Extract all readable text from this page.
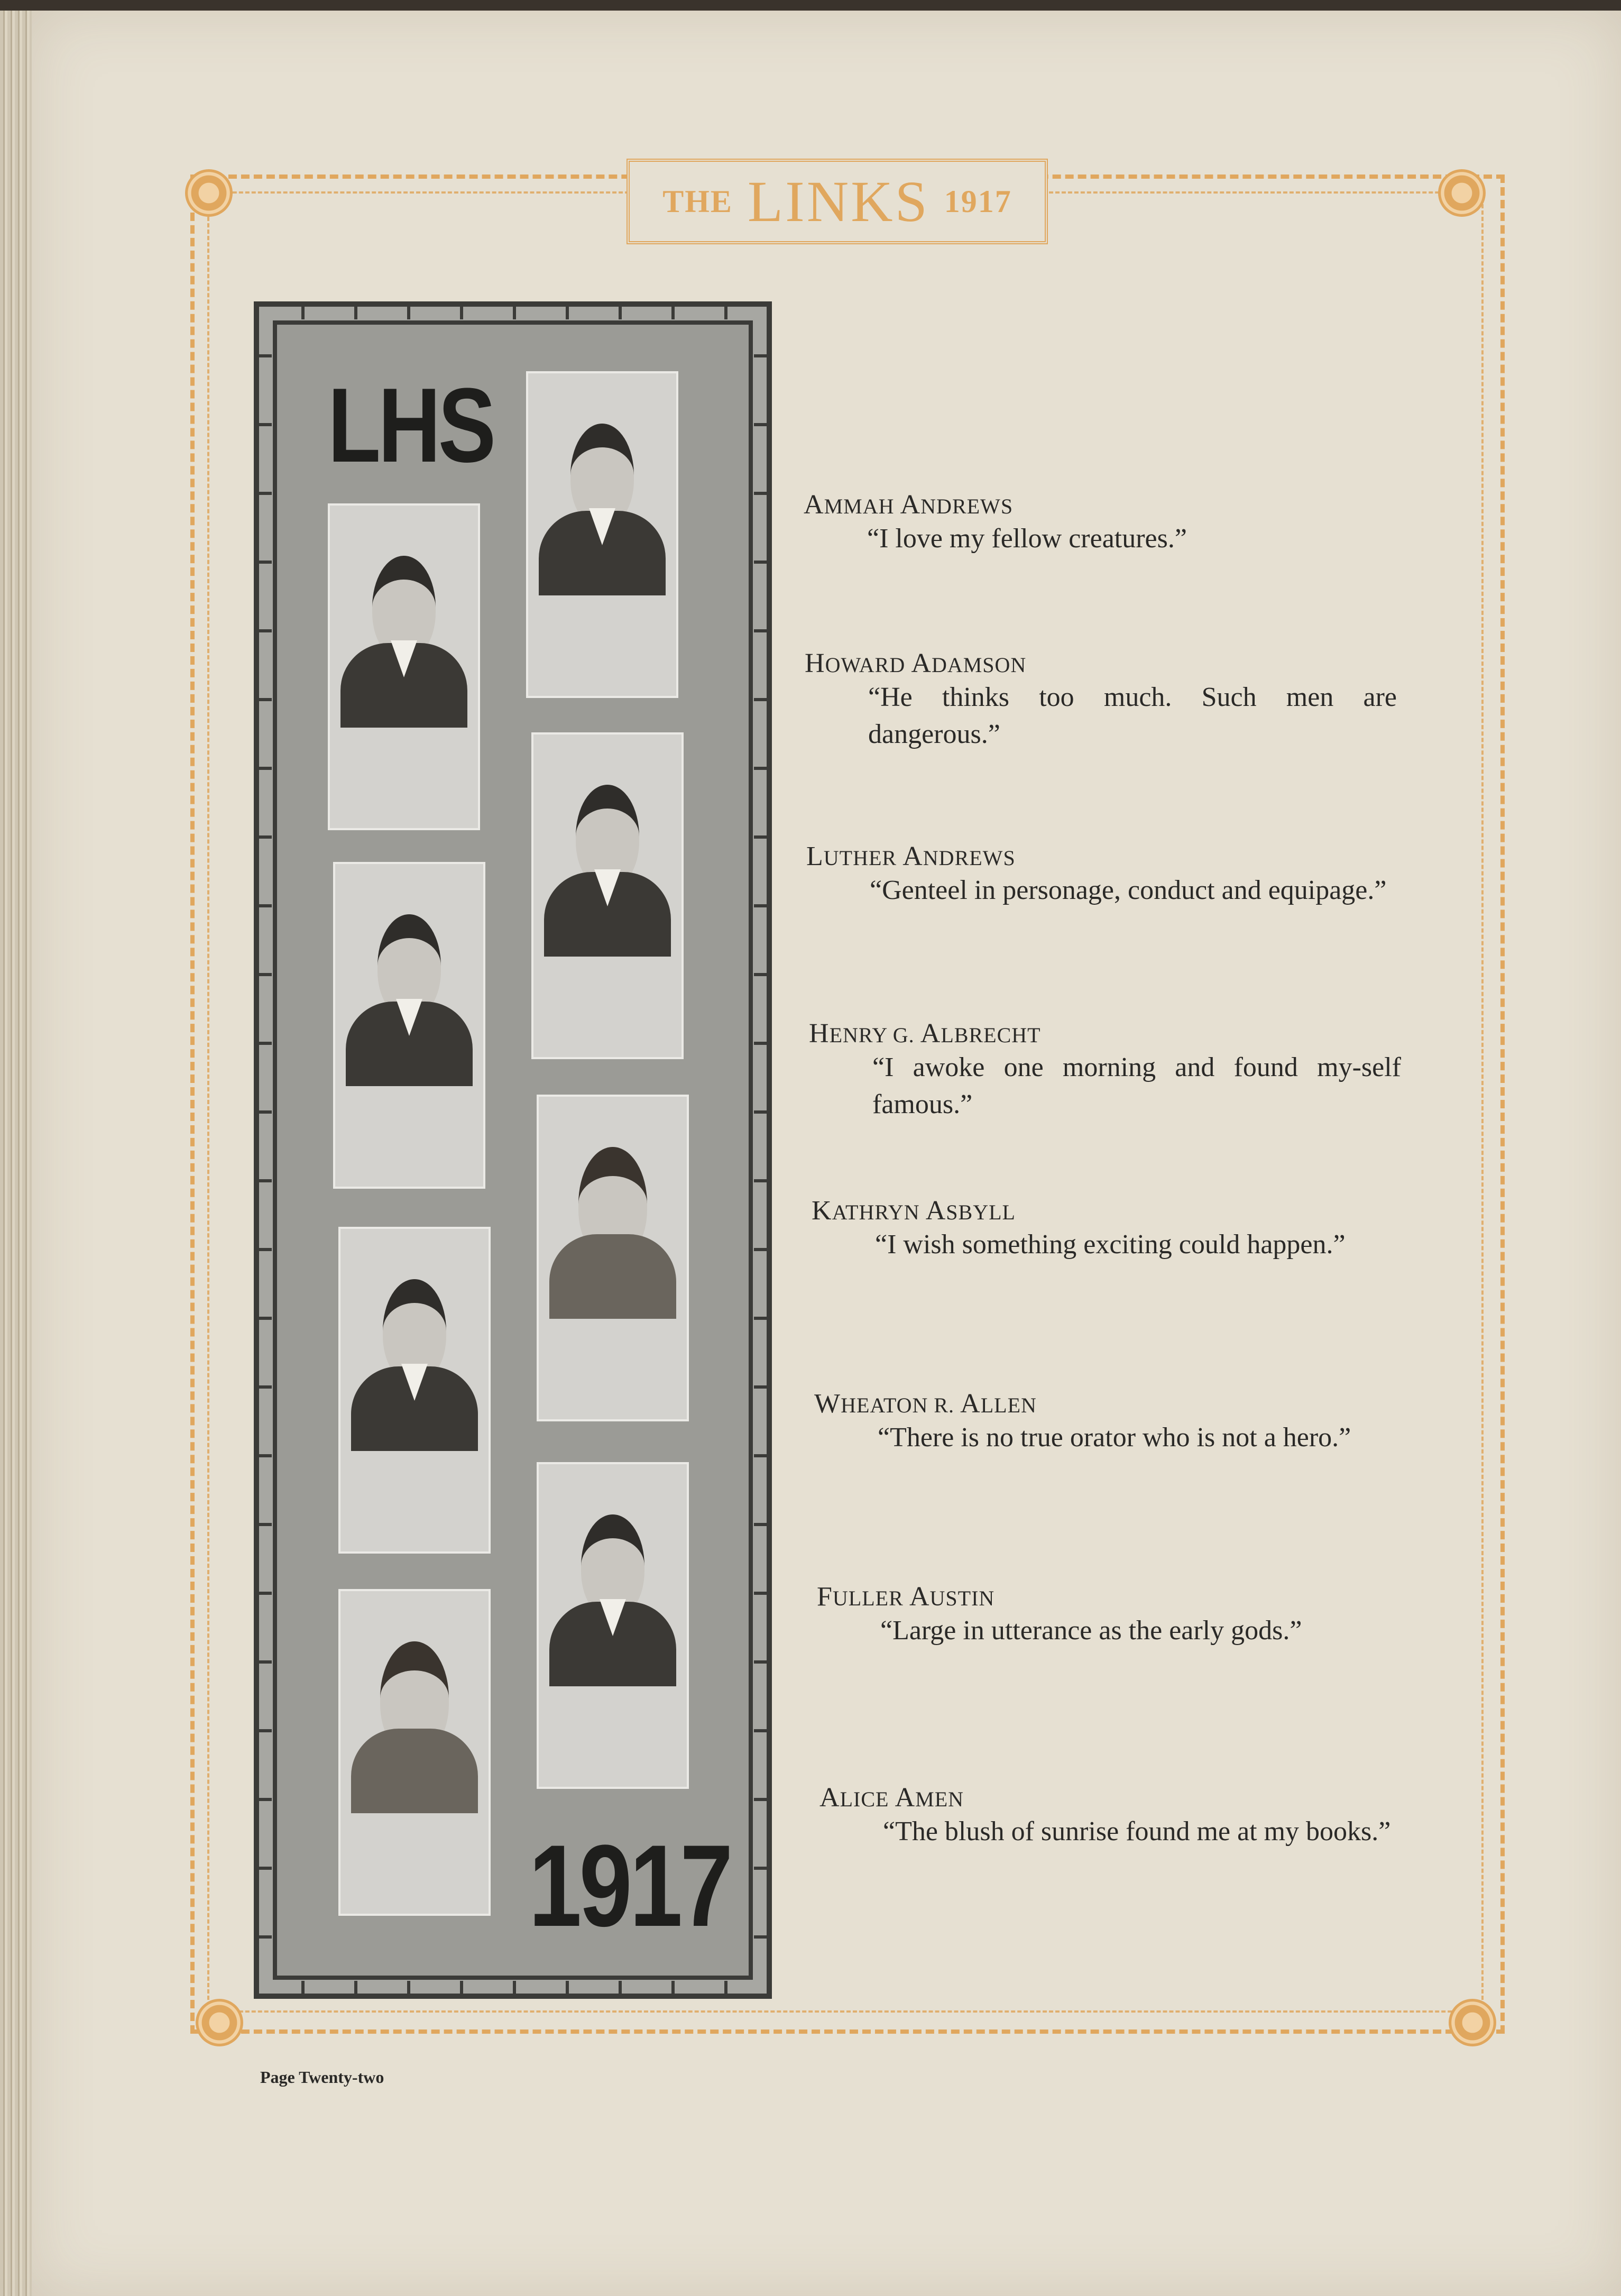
THE LINKS 1917
LHS
1917
AMMAH ANDREWS
“I love my fellow creatures.”
HOWARD ADAMSON
“He thinks too much. Such men are dangerous.”
LUTHER ANDREWS
“Genteel in personage, conduct and equipage.”
HENRY G. ALBRECHT
“I awoke one morning and found my-self famous.”
KATHRYN ASBYLL
“I wish something exciting could happen.”
WHEATON R. ALLEN
“There is no true orator who is not a hero.”
FULLER AUSTIN
“Large in utterance as the early gods.”
ALICE AMEN
“The blush of sunrise found me at my books.”
Page Twenty-two
